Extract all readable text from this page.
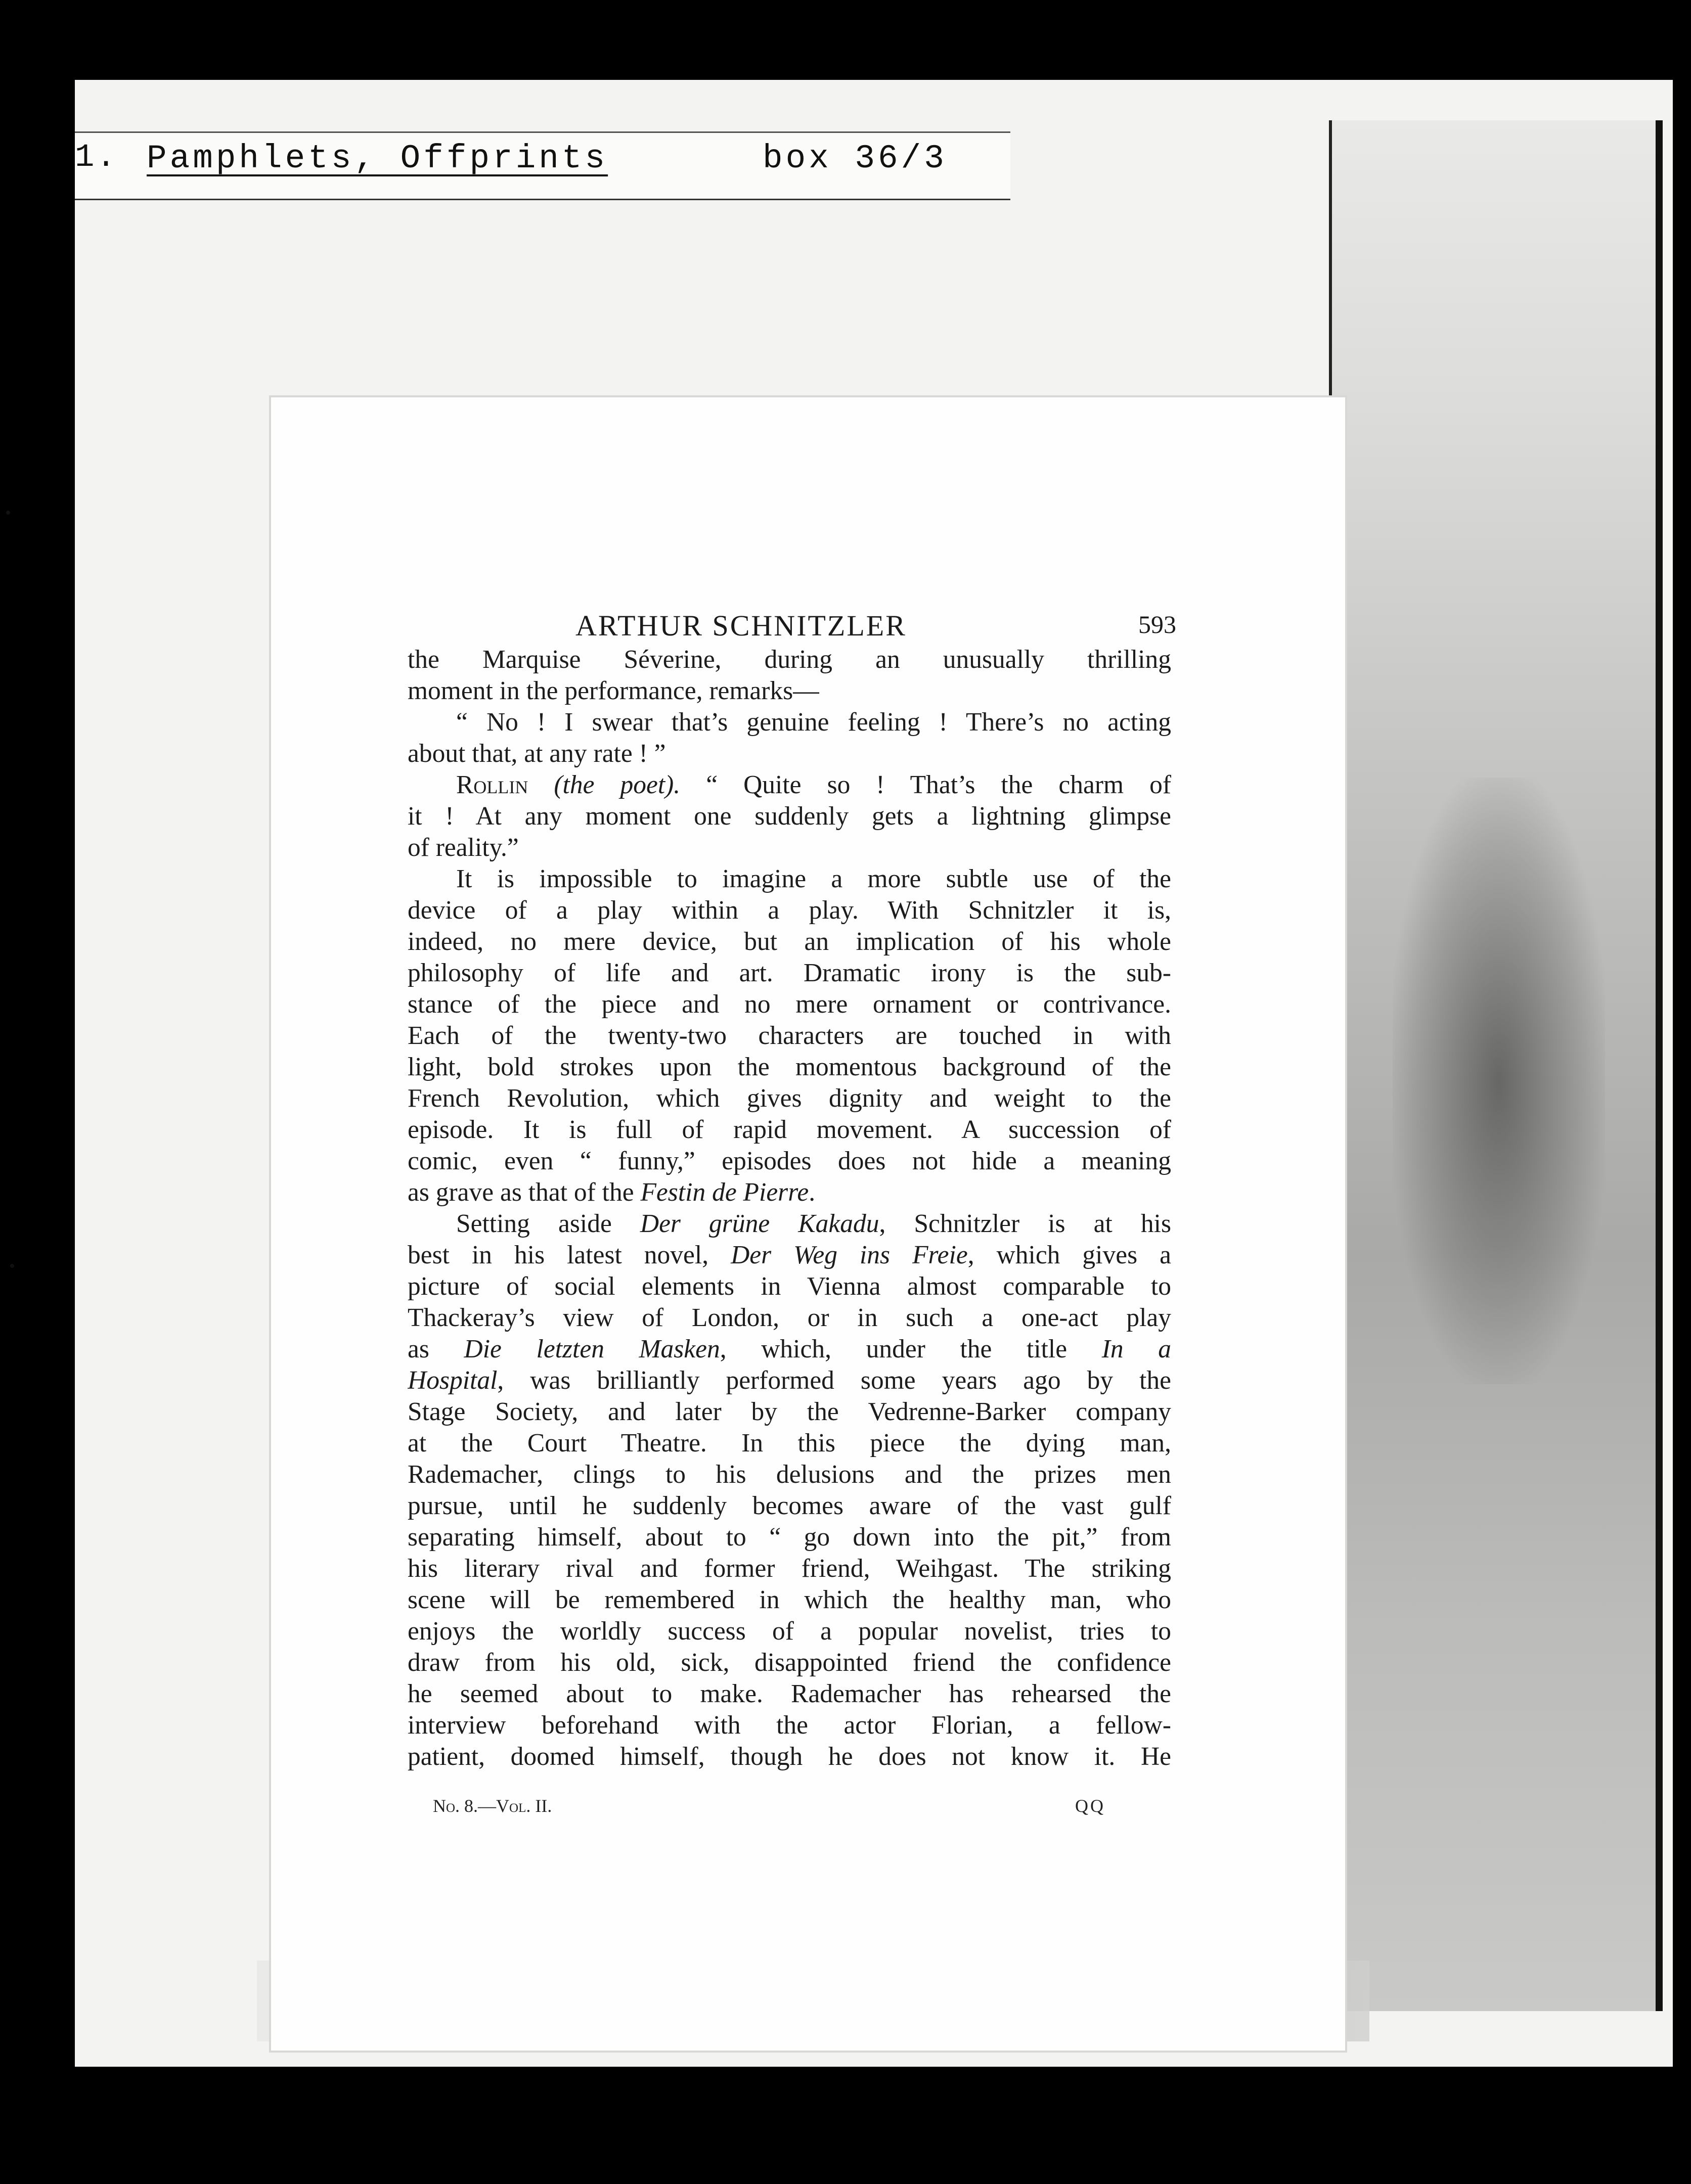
1. Pamphlets, Offprints	box 36/3
ARTHUR SCHNITZLER	593
the Marquise Séverine, during an unusually thrilling
moment in the performance, remarks—
“ No ! I swear that’s genuine feeling ! There’s no acting
about that, at any rate ! ”
Rollin (the poet). “ Quite so ! That’s the charm of
it ! At any moment one suddenly gets a lightning glimpse
of reality.”
It is impossible to imagine a more subtle use of the
device of a play within a play. With Schnitzler it is,
indeed, no mere device, but an implication of his whole
philosophy of life and art. Dramatic irony is the sub-
stance of the piece and no mere ornament or contrivance.
Each of the twenty-two characters are touched in with
light, bold strokes upon the momentous background of the
French Revolution, which gives dignity and weight to the
episode. It is full of rapid movement. A succession of
comic, even “ funny,” episodes does not hide a meaning
as grave as that of the Festin de Pierre.
Setting aside Der grüne Kakadu, Schnitzler is at his
best in his latest novel, Der Weg ins Freie, which gives a
picture of social elements in Vienna almost comparable to
Thackeray’s view of London, or in such a one-act play
as Die letzten Masken, which, under the title In a
Hospital, was brilliantly performed some years ago by the
Stage Society, and later by the Vedrenne-Barker company
at the Court Theatre. In this piece the dying man,
Rademacher, clings to his delusions and the prizes men
pursue, until he suddenly becomes aware of the vast gulf
separating himself, about to “ go down into the pit,” from
his literary rival and former friend, Weihgast. The striking
scene will be remembered in which the healthy man, who
enjoys the worldly success of a popular novelist, tries to
draw from his old, sick, disappointed friend the confidence
he seemed about to make. Rademacher has rehearsed the
interview beforehand with the actor Florian, a fellow-
patient, doomed himself, though he does not know it. He
No. 8.—Vol. II.	QQ
